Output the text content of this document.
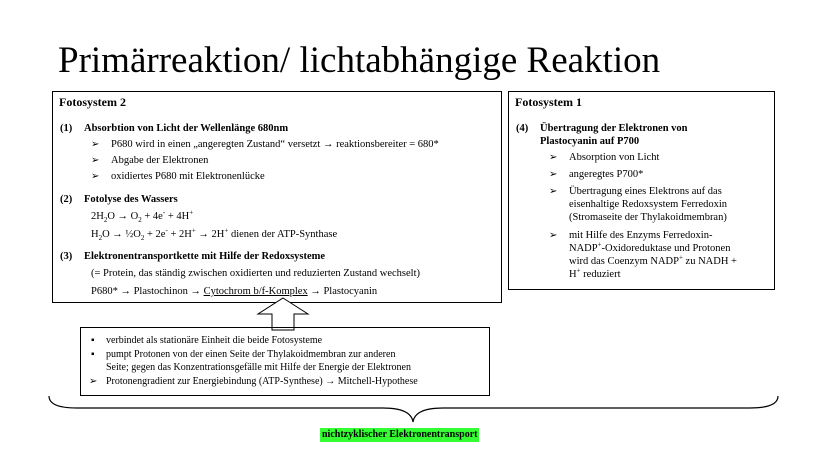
Primärreaktion/ lichtabhängige Reaktion
Fotosystem 2
(1) Absorbtion von Licht der Wellenlänge 680nm
➢ P680 wird in einen „angeregten Zustand“ versetzt → reaktionsbereiter = 680*
➢ Abgabe der Elektronen
➢ oxidiertes P680 mit Elektronenlücke
(2) Fotolyse des Wassers
$2H_2O \to O_2 + 4e^- + 4H^+$
$H_2O$ → $\frac{1}{2}O_2 + 2e^- + 2H^+ \to 2H^+$ dienen der ATP-Synthase
(3) Elektronentransportkette mit Hilfe der Redoxsysteme
(= Protein, das ständig zwischen oxidierten und reduzierten Zustand wechselt)
P680* → Plastochinon → Cytochrom b/f-Komplex → Plastocyanin
Fotosystem 1
(4) Übertragung der Elektronen von
Plastocyanin auf P700
➢ Absorption von Licht
➢ angeregtes P700*
➢ Übertragung eines Elektrons auf das
eisenhaltige Redoxsystem Ferredoxin
(Stromaseite der Thylakoidmembran)
➢ mit Hilfe des Enzyms Ferredoxin-
NADP+-Oxidoreduktase und Protonen
wird das Coenzym NADP+ zu NADH +
H+ reduziert
▪ verbindet als stationäre Einheit die beide Fotosysteme
▪ pumpt Protonen von der einen Seite der Thylakoidmembran zur anderen
Seite; gegen das Konzentrationsgefälle mit Hilfe der Energie der Elektronen
➢ Protonengradient zur Energiebindung (ATP-Synthese) → Mitchell-Hypothese
nichtzyklischer Elektronentransport
